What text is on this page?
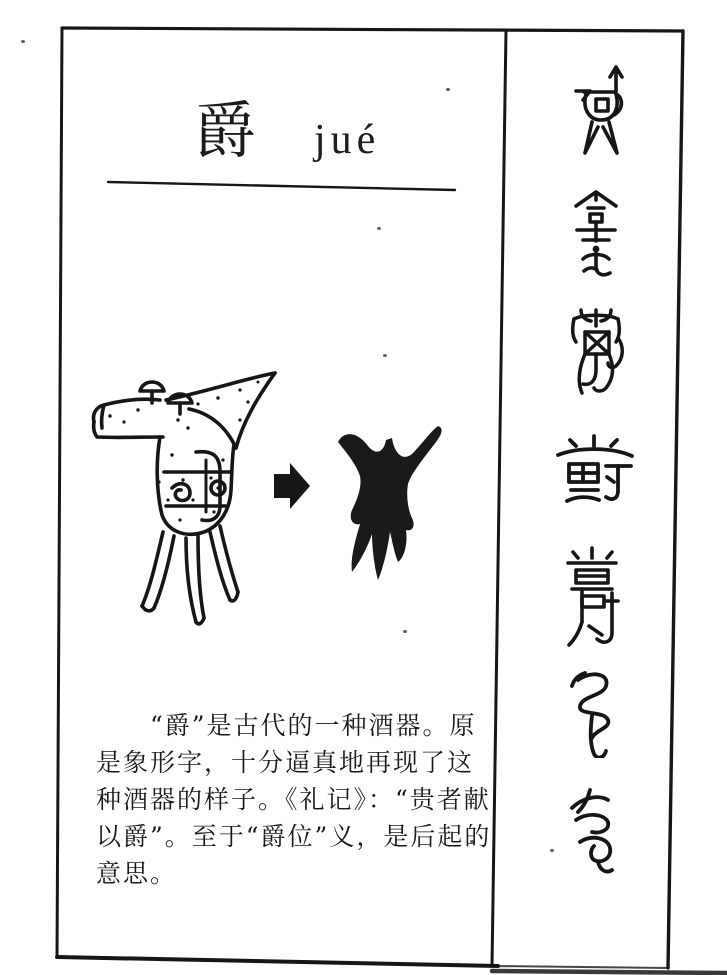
爵 jué
“爵”是古代的一种酒器。原
是象形字，十分逼真地再现了这
种酒器的样子。《礼记》：“贵者献
以爵”。至于“爵位”义，是后起的
意思。
